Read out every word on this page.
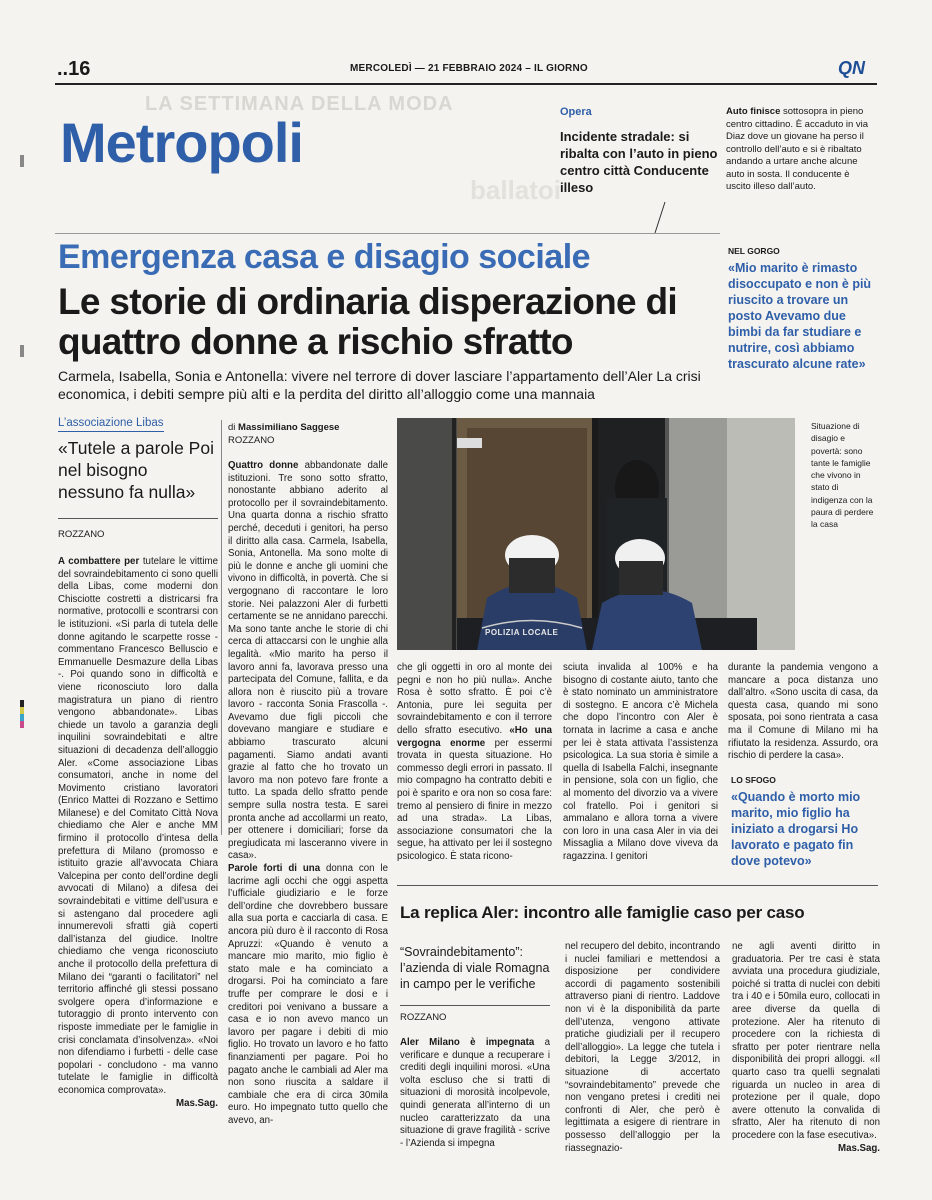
LA SETTIMANA DELLA MODA
ballatoi
..16	MERCOLEDÌ — 21 FEBBRAIO 2024 – IL GIORNO	QN
Metropoli	Opera
Incidente stradale: si ribalta con l’auto in pieno centro città Conducente illeso
Auto finisce sottosopra in pieno centro cittadino. È accaduto in via Diaz dove un giovane ha perso il controllo dell’auto e si è ribaltato andando a urtare anche alcune auto in sosta. Il conducente è uscito illeso dall’auto.
Emergenza casa e disagio sociale
Le storie di ordinaria disperazione di quattro donne a rischio sfratto
Carmela, Isabella, Sonia e Antonella: vivere nel terrore di dover lasciare l’appartamento dell’Aler La crisi economica, i debiti sempre più alti e la perdita del diritto all’alloggio come una mannaia
NEL GORGO
«Mio marito è rimasto disoccupato e non è più riuscito a trovare un posto Avevamo due bimbi da far studiare e nutrire, così abbiamo trascurato alcune rate»
L’associazione Libas
«Tutele a parole Poi nel bisogno nessuno fa nulla»
ROZZANO
A combattere per tutelare le vittime del sovraindebitamento ci sono quelli della Libas, come moderni don Chisciotte costretti a districarsi fra normative, protocolli e scontrarsi con le istituzioni. «Si parla di tutela delle donne agitando le scarpette rosse - commentano Francesco Belluscio e Emmanuelle Desmazure della Libas -. Poi quando sono in difficoltà e viene riconosciuto loro dalla magistratura un piano di rientro vengono abbandonate». Libas chiede un tavolo a garanzia degli inquilini sovraindebitati e altre situazioni di decadenza dell’alloggio Aler. «Come associazione Libas consumatori, anche in nome del Movimento cristiano lavoratori (Enrico Mattei di Rozzano e Settimo Milanese) e del Comitato Città Nova chiediamo che Aler e anche MM firmino il protocollo d’intesa della prefettura di Milano (promosso e istituito grazie all’avvocata Chiara Valcepina per conto dell’ordine degli avvocati di Milano) a difesa dei sovraindebitati e vittime dell’usura e si astengano dal procedere agli innumerevoli sfratti già coperti dall’istanza del giudice. Inoltre chiediamo che venga riconosciuto anche il protocollo della prefettura di Milano dei “garanti o facilitatori” nel territorio affinché gli stessi possano svolgere opera d’informazione e tutoraggio di pronto intervento con risposte immediate per le famiglie in crisi conclamata d’insolvenza». «Noi non difendiamo i furbetti - delle case popolari - concludono - ma vanno tutelate le famiglie in difficoltà economica comprovata».
Mas.Sag.
di Massimiliano Saggese
ROZZANO
Quattro donne abbandonate dalle istituzioni. Tre sono sotto sfratto, nonostante abbiano aderito al protocollo per il sovraindebitamento. Una quarta donna a rischio sfratto perché, deceduti i genitori, ha perso il diritto alla casa. Carmela, Isabella, Sonia, Antonella. Ma sono molte di più le donne e anche gli uomini che vivono in difficoltà, in povertà. Che si vergognano di raccontare le loro storie. Nei palazzoni Aler di furbetti certamente se ne annidano parecchi. Ma sono tante anche le storie di chi cerca di attaccarsi con le unghie alla legalità. «Mio marito ha perso il lavoro anni fa, lavorava presso una partecipata del Comune, fallita, e da allora non è riuscito più a trovare lavoro - racconta Sonia Frascolla -. Avevamo due figli piccoli che dovevano mangiare e studiare e abbiamo trascurato alcuni pagamenti. Siamo andati avanti grazie al fatto che ho trovato un lavoro ma non potevo fare fronte a tutto. La spada dello sfratto pende sempre sulla nostra testa. E sarei pronta anche ad accollarmi un reato, per ottenere i domiciliari; forse da pregiudicata mi lasceranno vivere in casa».
Parole forti di una donna con le lacrime agli occhi che oggi aspetta l’ufficiale giudiziario e le forze dell’ordine che dovrebbero bussare alla sua porta e cacciarla di casa. E ancora più duro è il racconto di Rosa Apruzzi: «Quando è venuto a mancare mio marito, mio figlio è stato male e ha cominciato a drogarsi. Poi ha cominciato a fare truffe per comprare le dosi e i creditori poi venivano a bussare a casa e io non avevo manco un lavoro per pagare i debiti di mio figlio. Ho trovato un lavoro e ho fatto finanziamenti per pagare. Poi ho pagato anche le cambiali ad Aler ma non sono riuscita a saldare il cambiale che era di circa 30mila euro. Ho impegnato tutto quello che avevo, an-
POLIZIA LOCALE
Situazione di disagio e povertà: sono tante le famiglie che vivono in stato di indigenza con la paura di perdere la casa
che gli oggetti in oro al monte dei pegni e non ho più nulla». Anche Rosa è sotto sfratto. È poi c’è Antonia, pure lei seguita per sovraindebitamento e con il terrore dello sfratto esecutivo. «Ho una vergogna enorme per essermi trovata in questa situazione. Ho commesso degli errori in passato. Il mio compagno ha contratto debiti e poi è sparito e ora non so cosa fare: tremo al pensiero di finire in mezzo ad una strada». La Libas, associazione consumatori che la segue, ha attivato per lei il sostegno psicologico. È stata ricono-
sciuta invalida al 100% e ha bisogno di costante aiuto, tanto che è stato nominato un amministratore di sostegno. E ancora c’è Michela che dopo l’incontro con Aler è tornata in lacrime a casa e anche per lei è stata attivata l’assistenza psicologica. La sua storia è simile a quella di Isabella Falchi, insegnante in pensione, sola con un figlio, che al momento del divorzio va a vivere col fratello. Poi i genitori si ammalano e allora torna a vivere con loro in una casa Aler in via dei Missaglia a Milano dove viveva da ragazzina. I genitori
durante la pandemia vengono a mancare a poca distanza uno dall’altro. «Sono uscita di casa, da questa casa, quando mi sono sposata, poi sono rientrata a casa ma il Comune di Milano mi ha rifiutato la residenza. Assurdo, ora rischio di perdere la casa».
LO SFOGO
«Quando è morto mio marito, mio figlio ha iniziato a drogarsi Ho lavorato e pagato fin dove potevo»
La replica Aler: incontro alle famiglie caso per caso
“Sovraindebitamento”: l’azienda di viale Romagna in campo per le verifiche
ROZZANO
Aler Milano è impegnata a verificare e dunque a recuperare i crediti degli inquilini morosi. «Una volta escluso che si tratti di situazioni di morosità incolpevole, quindi generata all’interno di un nucleo caratterizzato da una situazione di grave fragilità - scrive - l’Azienda si impegna
nel recupero del debito, incontrando i nuclei familiari e mettendosi a disposizione per condividere accordi di pagamento sostenibili attraverso piani di rientro. Laddove non vi è la disponibilità da parte dell’utenza, vengono attivate pratiche giudiziali per il recupero dell’alloggio». La legge che tutela i debitori, la Legge 3/2012, in situazione di accertato “sovraindebitamento” prevede che non vengano pretesi i crediti nei confronti di Aler, che però è legittimata a esigere di rientrare in possesso dell’alloggio per la riassegnazio-
ne agli aventi diritto in graduatoria. Per tre casi è stata avviata una procedura giudiziale, poiché si tratta di nuclei con debiti tra i 40 e i 50mila euro, collocati in aree diverse da quella di protezione. Aler ha ritenuto di procedere con la richiesta di sfratto per poter rientrare nella disponibilità dei propri alloggi. «Il quarto caso tra quelli segnalati riguarda un nucleo in area di protezione per il quale, dopo avere ottenuto la convalida di sfratto, Aler ha ritenuto di non procedere con la fase esecutiva».
Mas.Sag.
